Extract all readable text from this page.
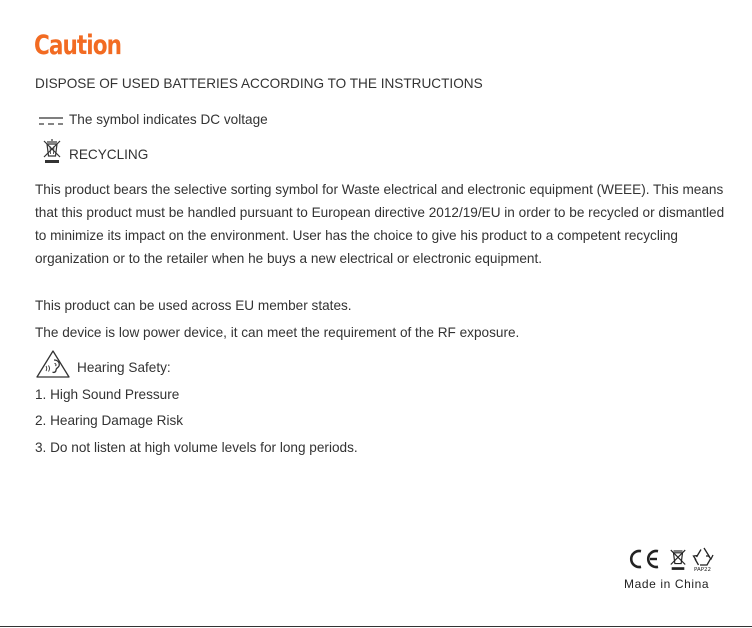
Caution
DISPOSE OF USED BATTERIES ACCORDING TO THE INSTRUCTIONS
The symbol indicates DC voltage
RECYCLING

This product bears the selective sorting symbol for Waste electrical and electronic equipment (WEEE). This means that this product must be handled pursuant to European directive 2012/19/EU in order to be recycled or dismantled to minimize its impact on the environment. User has the choice to give his product to a competent recycling organization or to the retailer when he buys a new electrical or electronic equipment.

This product can be used across EU member states.
The device is low power device, it can meet the requirement of the RF exposure.
Hearing Safety:
1. High Sound Pressure
2. Hearing Damage Risk
3. Do not listen at high volume levels for long periods.
PAP22
Made in China
